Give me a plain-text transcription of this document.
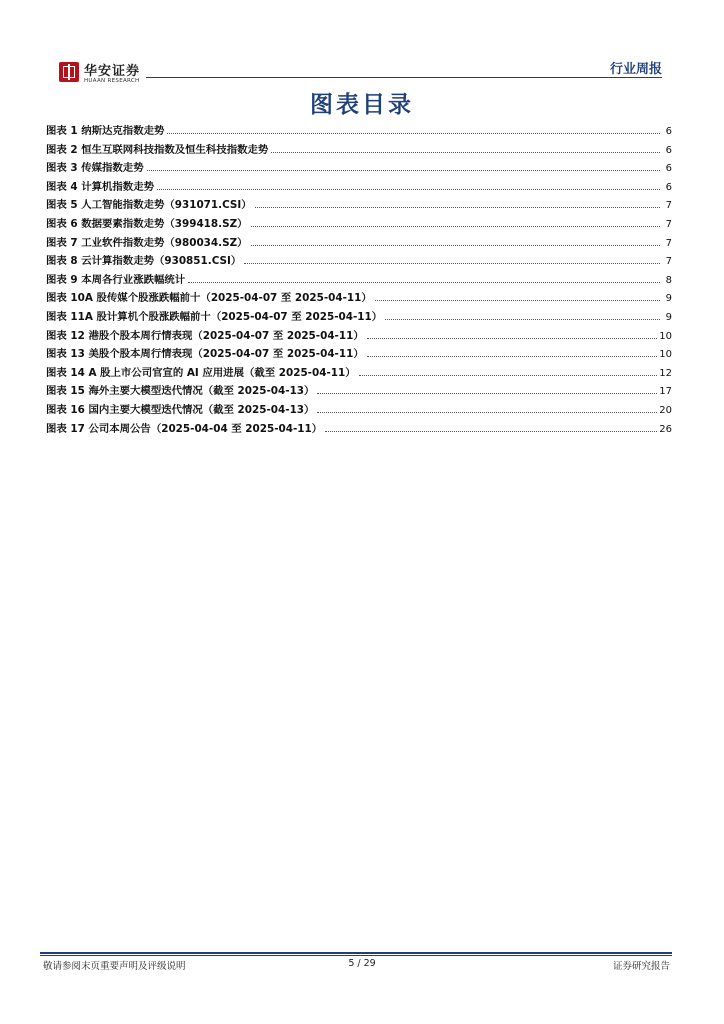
华安证券
HUAAN RESEARCH
行业周报
图表目录
图表 1 纳斯达克指数走势	6
图表 2 恒生互联网科技指数及恒生科技指数走势	6
图表 3 传媒指数走势	6
图表 4 计算机指数走势	6
图表 5 人工智能指数走势（931071.CSI）	7
图表 6 数据要素指数走势（399418.SZ）	7
图表 7 工业软件指数走势（980034.SZ）	7
图表 8 云计算指数走势（930851.CSI）	7
图表 9 本周各行业涨跌幅统计	8
图表 10A 股传媒个股涨跌幅前十（2025-04-07 至 2025-04-11）	9
图表 11A 股计算机个股涨跌幅前十（2025-04-07 至 2025-04-11）	9
图表 12 港股个股本周行情表现（2025-04-07 至 2025-04-11）	10
图表 13 美股个股本周行情表现（2025-04-07 至 2025-04-11）	10
图表 14 A 股上市公司官宣的 AI 应用进展（截至 2025-04-11）	12
图表 15 海外主要大模型迭代情况（截至 2025-04-13）	17
图表 16 国内主要大模型迭代情况（截至 2025-04-13）	20
图表 17 公司本周公告（2025-04-04 至 2025-04-11）	26
敬请参阅末页重要声明及评级说明	5 / 29	证券研究报告
